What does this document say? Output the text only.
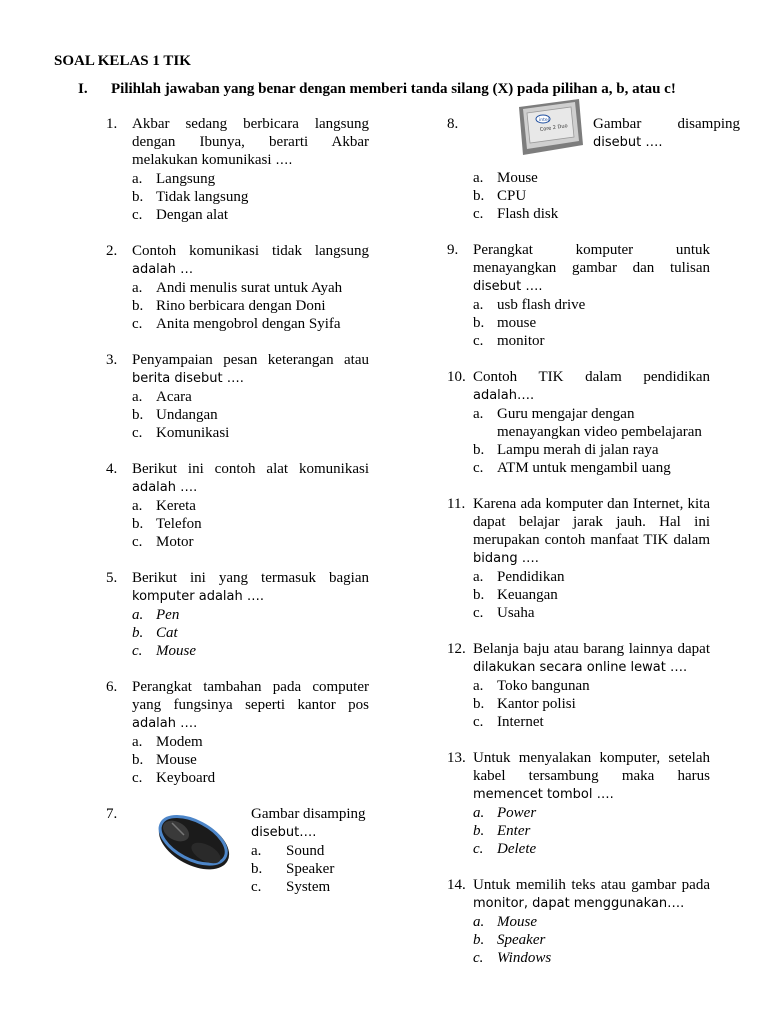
SOAL KELAS 1 TIK
I. Pilihlah jawaban yang benar dengan memberi tanda silang (X) pada pilihan a, b, atau c!
1. Akbar sedang berbicara langsung dengan Ibunya, berarti Akbar melakukan komunikasi ….
a. Langsung
b. Tidak langsung
c. Dengan alat
2. Contoh komunikasi tidak langsung adalah …
a. Andi menulis surat untuk Ayah
b. Rino berbicara dengan Doni
c. Anita mengobrol dengan Syifa
3. Penyampaian pesan keterangan atau berita disebut ….
a. Acara
b. Undangan
c. Komunikasi
4. Berikut ini contoh alat komunikasi adalah ….
a. Kereta
b. Telefon
c. Motor
5. Berikut ini yang termasuk bagian komputer adalah ….
a. Pen
b. Cat
c. Mouse
6. Perangkat tambahan pada computer yang fungsinya seperti kantor pos adalah ….
a. Modem
b. Mouse
c. Keyboard
7.	Gambar disamping disebut….
a. Sound
b. Speaker
c. System
8.	intel
Core 2 Duo Gambar disamping disebut ….
a. Mouse
b. CPU
c. Flash disk
9. Perangkat komputer untuk menayangkan gambar dan tulisan disebut ….
a. usb flash drive
b. mouse
c. monitor
10. Contoh TIK dalam pendidikan adalah….
a. Guru mengajar dengan menayangkan video pembelajaran
b. Lampu merah di jalan raya
c. ATM untuk mengambil uang
11. Karena ada komputer dan Internet, kita dapat belajar jarak jauh. Hal ini merupakan contoh manfaat TIK dalam bidang ….
a. Pendidikan
b. Keuangan
c. Usaha
12. Belanja baju atau barang lainnya dapat dilakukan secara online lewat ….
a. Toko bangunan
b. Kantor polisi
c. Internet
13. Untuk menyalakan komputer, setelah kabel tersambung maka harus memencet tombol ….
a. Power
b. Enter
c. Delete
14. Untuk memilih teks atau gambar pada monitor, dapat menggunakan….
a. Mouse
b. Speaker
c. Windows
